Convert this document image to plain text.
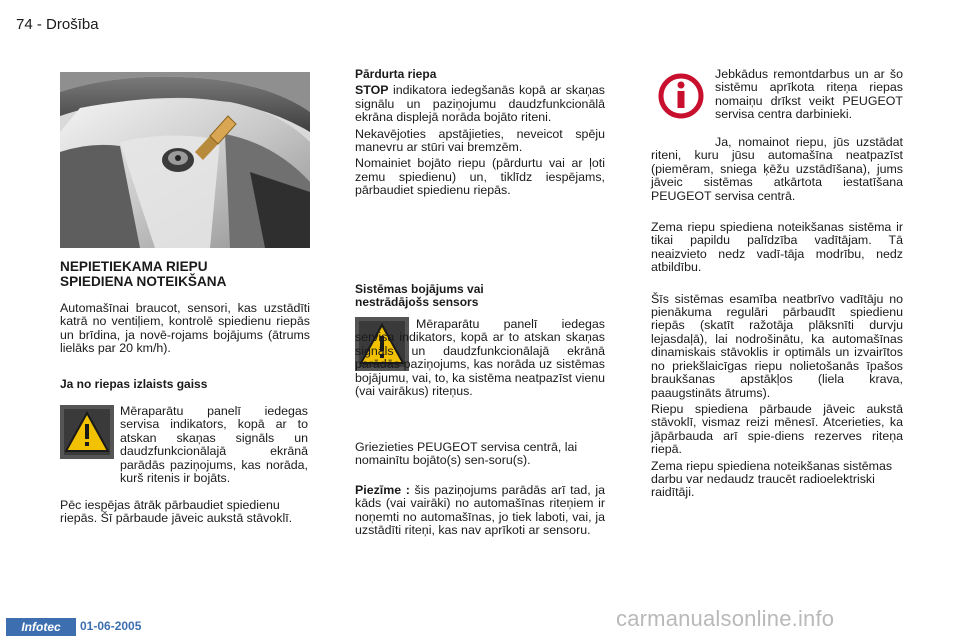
74 - Drošība

NEPIETIEKAMA RIEPU

SPIEDIENA NOTEIKŠANA

Automašīnai braucot, sensori, kas uzstādīti katrā no ventiļiem, kontrolē spiedienu riepās un brīdina, ja novē-rojams bojājums (ātrums lielāks par 20 km/h).

Ja no riepas izlaists gaiss

Mēraparātu panelī iedegas servisa indikators, kopā ar to atskan skaņas signāls un daudzfunkcionālajā ekrānā parādās paziņojums, kas norāda, kurš ritenis ir bojāts.

Pēc iespējas ātrāk pārbaudiet spiedienu riepās. Šī pārbaude jāveic aukstā stāvoklī.

Pārdurta riepa

STOP indikatora iedegšanās kopā ar skaņas signālu un paziņojumu daudzfunkcionālā ekrāna displejā norāda bojāto riteni.

Nekavējoties apstājieties, neveicot spēju manevru ar stūri vai bremzēm.

Nomainiet bojāto riepu (pārdurtu vai ar ļoti zemu spiedienu) un, tiklīdz iespējams, pārbaudiet spiedienu riepās.

Sistēmas bojājums vai

nestrādājošs sensors

Mēraparātu panelī iedegas servisa indikators, kopā ar to atskan skaņas signāls un daudzfunkcionālajā ekrānā parādās paziņojums, kas norāda uz sistēmas bojājumu, vai, to, ka sistēma neatpazīst vienu (vai vairākus) riteņus.

Griezieties PEUGEOT servisa centrā, lai nomainītu bojāto(s) sen-soru(s).

Piezīme : šis paziņojums parādās arī tad, ja kāds (vai vairāki) no automašīnas riteņiem ir noņemti no automašīnas, jo tiek laboti, vai, ja uzstādīti riteņi, kas nav aprīkoti ar sensoru.

Jebkādus remontdarbus un ar šo sistēmu aprīkota riteņa riepas nomaiņu drīkst veikt PEUGEOT servisa centra darbinieki.

Ja, nomainot riepu, jūs uzstādat riteni, kuru jūsu automašīna neatpazīst (piemēram, sniega ķēžu uzstādīšana), jums jāveic sistēmas atkārtota iestatīšana PEUGEOT servisa centrā.

Zema riepu spiediena noteikšanas sistēma ir tikai papildu palīdzība vadītājam. Tā neaizvieto nedz vadī-tāja modrību, nedz atbildību.

Šīs sistēmas esamība neatbrīvo vadītāju no pienākuma regulāri pārbaudīt spiedienu riepās (skatīt ražotāja plāksnīti durvju lejasdaļā), lai nodrošinātu, ka automašīnas dinamiskais stāvoklis ir optimāls un izvairītos no priekšlaicīgas riepu nolietošanās īpašos braukšanas apstākļos (liela krava, paaugstināts ātrums).

Riepu spiediena pārbaude jāveic aukstā stāvoklī, vismaz reizi mēnesī. Atcerieties, ka jāpārbauda arī spie-diens rezerves riteņa riepā.

Zema riepu spiediena noteikšanas sistēmas darbu var nedaudz traucēt radioelektriski raidītāji.

Infotec	01-06-2005	carmanualsonline.info
